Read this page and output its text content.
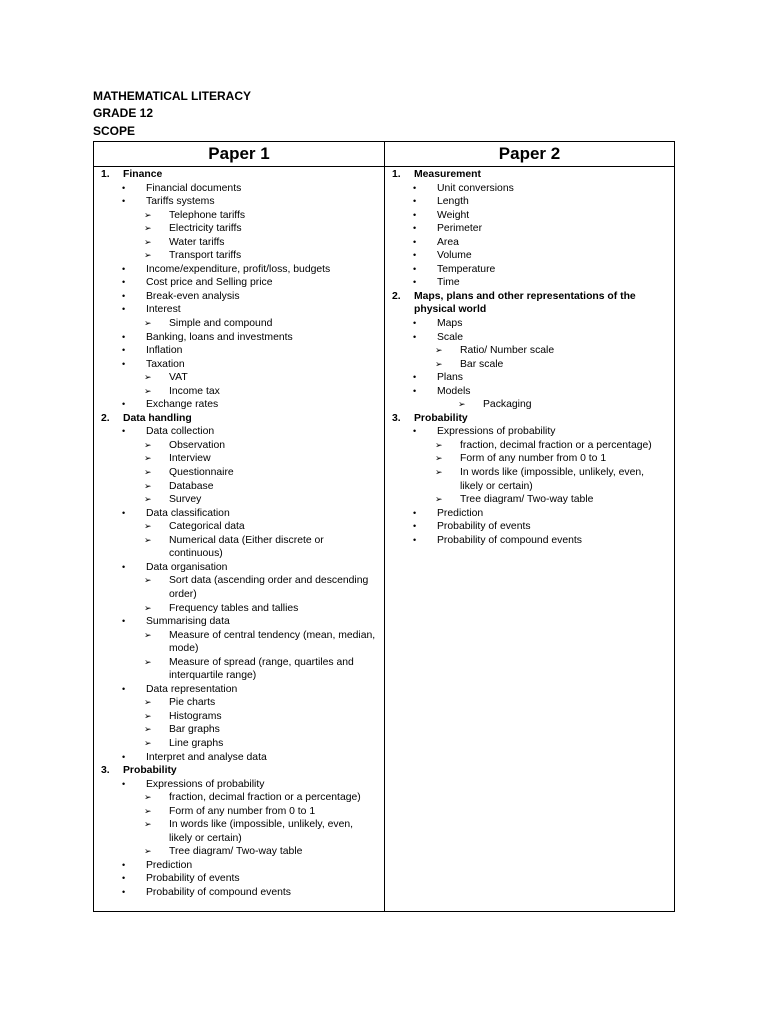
MATHEMATICAL LITERACY
GRADE 12
SCOPE
Paper 1
1.	Finance
•	Financial documents
•	Tariffs systems
➢	Telephone tariffs
➢	Electricity tariffs
➢	Water tariffs
➢	Transport tariffs
•	Income/expenditure, profit/loss, budgets
•	Cost price and Selling price
•	Break-even analysis
•	Interest
➢	Simple and compound
•	Banking, loans and investments
•	Inflation
•	Taxation
➢	VAT
➢	Income tax
•	Exchange rates
2.	Data handling
•	Data collection
➢	Observation
➢	Interview
➢	Questionnaire
➢	Database
➢	Survey
•	Data classification
➢	Categorical data
➢	Numerical data (Either discrete or continuous)
•	Data organisation
➢	Sort data (ascending order and descending order)
➢	Frequency tables and tallies
•	Summarising data
➢	Measure of central tendency (mean, median, mode)
➢	Measure of spread (range, quartiles and interquartile range)
•	Data representation
➢	Pie charts
➢	Histograms
➢	Bar graphs
➢	Line graphs
•	Interpret and analyse data
3.	Probability
•	Expressions of probability
➢	fraction, decimal fraction or a percentage)
➢	Form of any number from 0 to 1
➢	In words like (impossible, unlikely, even, likely or certain)
➢	Tree diagram/ Two-way table
•	Prediction
•	Probability of events
•	Probability of compound events
Paper 2
1.	Measurement
•	Unit conversions
•	Length
•	Weight
•	Perimeter
•	Area
•	Volume
•	Temperature
•	Time
2.	Maps, plans and other representations of the physical world
•	Maps
•	Scale
➢	Ratio/ Number scale
➢	Bar scale
•	Plans
•	Models
➢	Packaging
3.	Probability
•	Expressions of probability
➢	fraction, decimal fraction or a percentage)
➢	Form of any number from 0 to 1
➢	In words like (impossible, unlikely, even, likely or certain)
➢	Tree diagram/ Two-way table
•	Prediction
•	Probability of events
•	Probability of compound events
